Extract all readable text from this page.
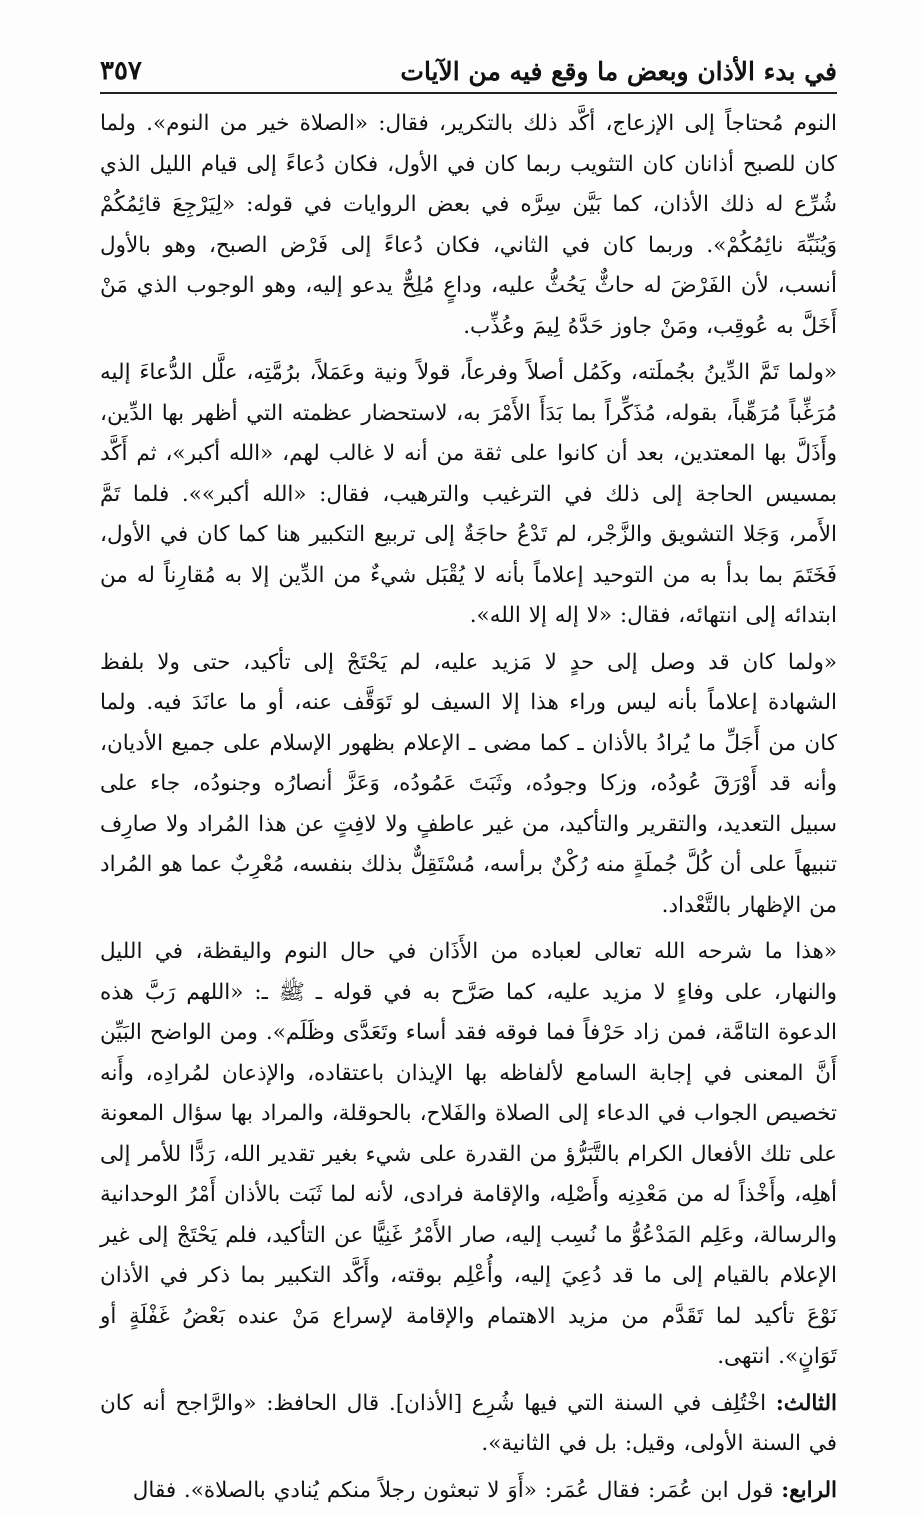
في بدء الأذان وبعض ما وقع فيه من الآيات
٣٥٧

النوم مُحتاجاً إلى الإزعاج، أكَّد ذلك بالتكرير، فقال: «الصلاة خير من النوم». ولما كان للصبح أذانان كان التثويب ربما كان في الأول، فكان دُعاءً إلى قيام الليل الذي شُرِّع له ذلك الأذان، كما بَيَّن سِرَّه في بعض الروايات في قوله: «لِيَرْجِعَ قائِمُكُمْ وَيُنَبِّهَ نائِمُكُمْ». وربما كان في الثاني، فكان دُعاءً إلى فَرْض الصبح، وهو بالأول أنسب، لأن الفَرْضَ له حاثٌّ يَحُثُّ عليه، وداعٍ مُلِحٌّ يدعو إليه، وهو الوجوب الذي مَنْ أَخَلَّ به عُوقِب، ومَنْ جاوز حَدَّهُ لِيمَ وعُذِّب.

«ولما تَمَّ الدِّينُ بجُملَته، وكَمُل أصلاً وفرعاً، قولاً ونية وعَمَلاً، برُمَّتِه، علَّل الدُّعاءَ إليه مُرَغِّباً مُرَهِّباً، بقوله، مُذَكِّراً بما بَدَأَ الأَمْرَ به، لاستحضار عظمته التي أظهر بها الدِّين، وأَذَلَّ بها المعتدين، بعد أن كانوا على ثقة من أنه لا غالب لهم، «الله أكبر»، ثم أَكَّد بمسيس الحاجة إلى ذلك في الترغيب والترهيب، فقال: «الله أكبر»». فلما تَمَّ الأَمر، وَجَلا التشويق والزَّجْر، لم تَدْعُ حاجَةٌ إلى تربيع التكبير هنا كما كان في الأول، فَخَتَمَ بما بدأ به من التوحيد إعلاماً بأنه لا يُقْبَل شيءٌ من الدِّين إلا به مُقارِناً له من ابتدائه إلى انتهائه، فقال: «لا إله إلا الله».

«ولما كان قد وصل إلى حدٍ لا مَزيد عليه، لم يَحْتَجْ إلى تأكيد، حتى ولا بلفظ الشهادة إعلاماً بأنه ليس وراء هذا إلا السيف لو تَوَقَّف عنه، أو ما عانَدَ فيه. ولما كان من أَجَلِّ ما يُرادُ بالأذان ـ كما مضى ـ الإعلام بظهور الإسلام على جميع الأديان، وأنه قد أَوْرَقَ عُودُه، وزكا وجودُه، وثَبَتَ عَمُودُه، وَعَزَّ أنصارُه وجنودُه، جاء على سبيل التعديد، والتقرير والتأكيد، من غير عاطفٍ ولا لافِتٍ عن هذا المُراد ولا صارِف تنبيهاً على أن كُلَّ جُملَةٍ منه رُكْنٌ برأسه، مُسْتَقِلٌّ بذلك بنفسه، مُعْرِبٌ عما هو المُراد من الإظهار بالتَّعْداد.

«هذا ما شرحه الله تعالى لعباده من الأَذَان في حال النوم واليقظة، في الليل والنهار، على وفاءٍ لا مزيد عليه، كما صَرَّح به في قوله ـ ﷺ ـ: «اللهم رَبَّ هذه الدعوة التامَّة، فمن زاد حَرْفاً فما فوقه فقد أساء وتَعَدَّى وظَلَم». ومن الواضح البَيِّن أَنَّ المعنى في إجابة السامع لألفاظه بها الإيذان باعتقاده، والإذعان لمُرادِه، وأَنه تخصيص الجواب في الدعاء إلى الصلاة والفَلاح، بالحوقلة، والمراد بها سؤال المعونة على تلك الأفعال الكرام بالتَّبَرُّؤ من القدرة على شيء بغير تقدير الله، رَدًّا للأمر إلى أهلِه، وأَخْذاً له من مَعْدِنِه وأَصْلِه، والإقامة فرادى، لأنه لما ثَبَت بالأذان أَمْرُ الوحدانية والرسالة، وعَلِم المَدْعُوُّ ما نُسِب إليه، صار الأَمْرُ غَنِيًّا عن التأكيد، فلم يَحْتَجْ إلى غير الإعلام بالقيام إلى ما قد دُعِيَ إليه، وأُعْلِم بوقته، وأَكَّد التكبير بما ذكر في الأذان نَوْعَ تأكيد لما تَقَدَّم من مزيد الاهتمام والإقامة لإسراع مَنْ عنده بَعْضُ غَفْلَةٍ أو تَوَانٍ». انتهى.

الثالث: اخْتُلِف في السنة التي فيها شُرِع [الأذان]. قال الحافظ: «والرَّاجح أنه كان في السنة الأولى، وقيل: بل في الثانية».

الرابع: قول ابن عُمَر: فقال عُمَر: «أَوَ لا تبعثون رجلاً منكم يُنادي بالصلاة». فقال
